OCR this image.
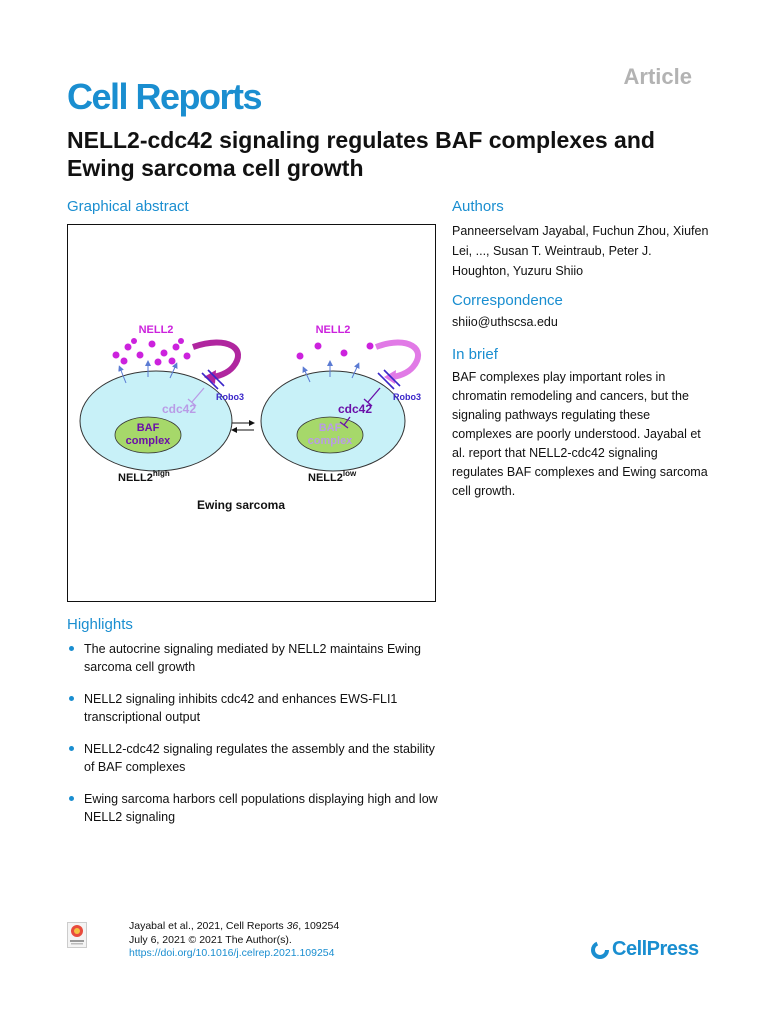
Cell Reports	Article
NELL2-cdc42 signaling regulates BAF complexes and Ewing sarcoma cell growth
Graphical abstract
NELL2	NELL2
Robo3	Robo3
cdc42	cdc42
BAF
complex
BAF
complex
$NELL2^{high}$	$NELL2^{low}$
Ewing sarcoma
Authors
Panneerselvam Jayabal, Fuchun Zhou, Xiufen Lei, ..., Susan T. Weintraub, Peter J. Houghton, Yuzuru Shiio
Correspondence
shiio@uthscsa.edu
In brief
BAF complexes play important roles in chromatin remodeling and cancers, but the signaling pathways regulating these complexes are poorly understood. Jayabal et al. report that NELL2-cdc42 signaling regulates BAF complexes and Ewing sarcoma cell growth.
Highlights
The autocrine signaling mediated by NELL2 maintains Ewing sarcoma cell growth
NELL2 signaling inhibits cdc42 and enhances EWS-FLI1 transcriptional output
NELL2-cdc42 signaling regulates the assembly and the stability of BAF complexes
Ewing sarcoma harbors cell populations displaying high and low NELL2 signaling
Jayabal et al., 2021, Cell Reports 36, 109254
July 6, 2021 © 2021 The Author(s).
https://doi.org/10.1016/j.celrep.2021.109254	CellPress
